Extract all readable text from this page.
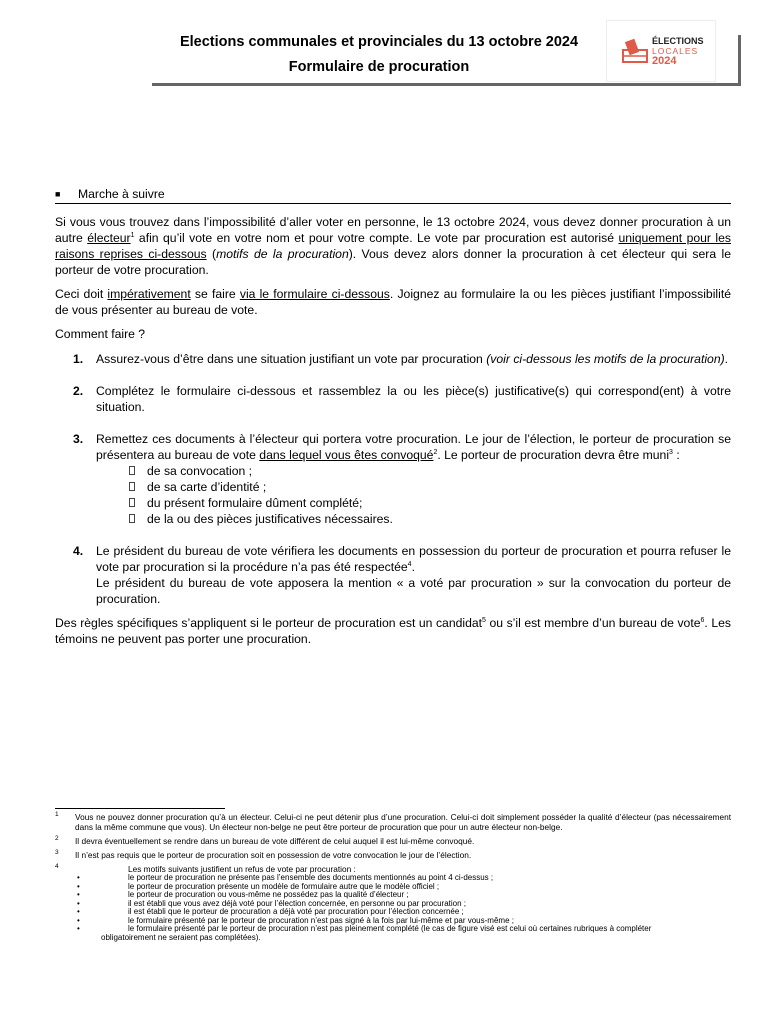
Elections communales et provinciales du 13 octobre 2024
Formulaire de procuration
ÉLECTIONS
LOCALES
2024
■ Marche à suivre

Si vous vous trouvez dans l’impossibilité d’aller voter en personne, le 13 octobre 2024, vous devez donner procuration à un autre électeur$^1$ afin qu’il vote en votre nom et pour votre compte. Le vote par procuration est autorisé uniquement pour les raisons reprises ci-dessous (motifs de la procuration). Vous devez alors donner la procuration à cet électeur qui sera le porteur de votre procuration.

Ceci doit impérativement se faire via le formulaire ci-dessous. Joignez au formulaire la ou les pièces justifiant l’impossibilité de vous présenter au bureau de vote.

Comment faire ?

1. Assurez-vous d’être dans une situation justifiant un vote par procuration (voir ci-dessous les motifs de la procuration).
2. Complétez le formulaire ci-dessous et rassemblez la ou les pièce(s) justificative(s) qui correspond(ent) à votre situation.
3. Remettez ces documents à l’électeur qui portera votre procuration. Le jour de l’élection, le porteur de procuration se présentera au bureau de vote dans lequel vous êtes convoqué$^2$. Le porteur de procuration devra être muni$^3$ :
de sa convocation ;
de sa carte d’identité ;
du présent formulaire dûment complété;
de la ou des pièces justificatives nécessaires.
4. Le président du bureau de vote vérifiera les documents en possession du porteur de procuration et pourra refuser le vote par procuration si la procédure n’a pas été respectée$^4$.
Le président du bureau de vote apposera la mention « a voté par procuration » sur la convocation du porteur de procuration.

Des règles spécifiques s’appliquent si le porteur de procuration est un candidat$^5$ ou s’il est membre d’un bureau de vote$^6$. Les témoins ne peuvent pas porter une procuration.

1 Vous ne pouvez donner procuration qu’à un électeur. Celui-ci ne peut détenir plus d’une procuration. Celui-ci doit simplement posséder la qualité d’électeur (pas nécessairement dans la même commune que vous). Un électeur non-belge ne peut être porteur de procuration que pour un autre électeur non-belge.
2 Il devra éventuellement se rendre dans un bureau de vote différent de celui auquel il est lui-même convoqué.
3 Il n’est pas requis que le porteur de procuration soit en possession de votre convocation le jour de l’élection.
4	Les motifs suivants justifient un refus de vote par procuration :
• le porteur de procuration ne présente pas l’ensemble des documents mentionnés au point 4 ci-dessus ;
• le porteur de procuration présente un modèle de formulaire autre que le modèle officiel ;
• le porteur de procuration ou vous-même ne possédez pas la qualité d’électeur ;
• il est établi que vous avez déjà voté pour l’élection concernée, en personne ou par procuration ;
• il est établi que le porteur de procuration a déjà voté par procuration pour l’élection concernée ;
• le formulaire présenté par le porteur de procuration n’est pas signé à la fois par lui-même et par vous-même ;
• le formulaire présenté par le porteur de procuration n’est pas pleinement complété (le cas de figure visé est celui où certaines rubriques à compléter
obligatoirement ne seraient pas complétées).
